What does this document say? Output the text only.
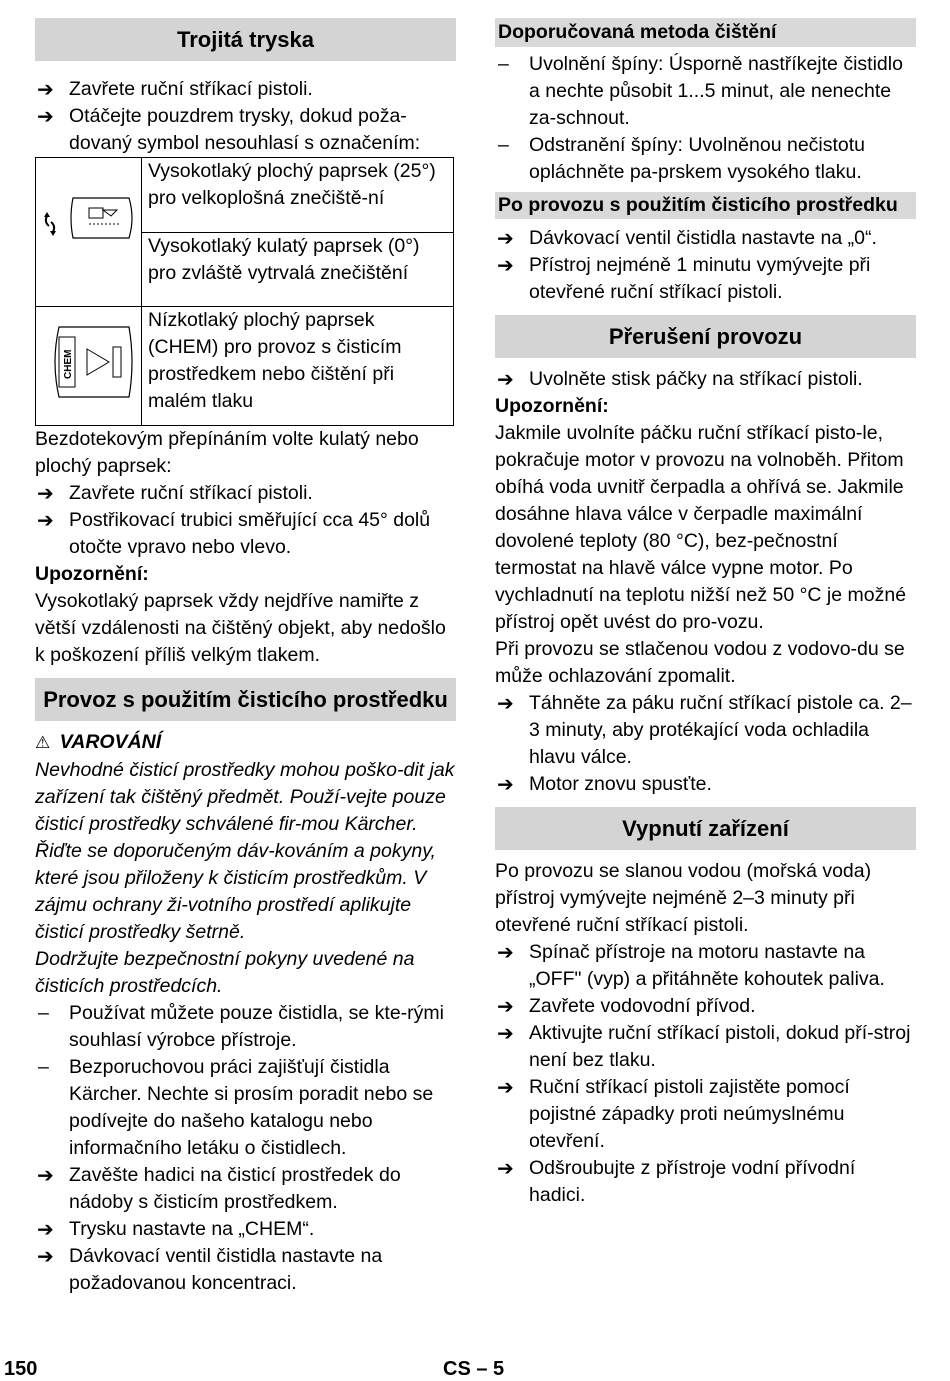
Trojitá tryska
➔ Zavřete ruční stříkací pistoli.
➔ Otáčejte pouzdrem trysky, dokud poža-dovaný symbol nesouhlasí s označením:
	Vysokotlaký plochý paprsek (25°) pro velkoplošná znečiště-ní
	Vysokotlaký kulatý paprsek (0°) pro zvláště vytrvalá znečištění

CHEM	Nízkotlaký plochý paprsek (CHEM) pro provoz s čisticím prostředkem nebo čištění při malém tlaku
Bezdotekovým přepínáním volte kulatý nebo plochý paprsek:
➔ Zavřete ruční stříkací pistoli.
➔ Postřikovací trubici směřující cca 45° dolů otočte vpravo nebo vlevo.
Upozornění:
Vysokotlaký paprsek vždy nejdříve namiřte z větší vzdálenosti na čištěný objekt, aby nedošlo k poškození příliš velkým tlakem.
Provoz s použitím čisticího prostředku
⚠ VAROVÁNÍ
Nevhodné čisticí prostředky mohou poško-dit jak zařízení tak čištěný předmět. Použí-vejte pouze čisticí prostředky schválené fir-mou Kärcher. Řiďte se doporučeným dáv-kováním a pokyny, které jsou přiloženy k čisticím prostředkům. V zájmu ochrany ži-votního prostředí aplikujte čisticí prostředky šetrně.
Dodržujte bezpečnostní pokyny uvedené na čisticích prostředcích.
– Používat můžete pouze čistidla, se kte-rými souhlasí výrobce přístroje.
– Bezporuchovou práci zajišťují čistidla Kärcher. Nechte si prosím poradit nebo se podívejte do našeho katalogu nebo informačního letáku o čistidlech.
➔ Zavěšte hadici na čisticí prostředek do nádoby s čisticím prostředkem.
➔ Trysku nastavte na „CHEM“.
➔ Dávkovací ventil čistidla nastavte na požadovanou koncentraci.
Doporučovaná metoda čištění
– Uvolnění špíny: Úsporně nastříkejte čistidlo a nechte působit 1...5 minut, ale nenechte za-schnout.
– Odstranění špíny: Uvolněnou nečistotu opláchněte pa-prskem vysokého tlaku.
Po provozu s použitím čisticího prostředku
➔ Dávkovací ventil čistidla nastavte na „0“.
➔ Přístroj nejméně 1 minutu vymývejte při otevřené ruční stříkací pistoli.
Přerušení provozu
➔ Uvolněte stisk páčky na stříkací pistoli.
Upozornění:
Jakmile uvolníte páčku ruční stříkací pisto-le, pokračuje motor v provozu na volnoběh. Přitom obíhá voda uvnitř čerpadla a ohřívá se. Jakmile dosáhne hlava válce v čerpadle maximální dovolené teploty (80 °C), bez-pečnostní termostat na hlavě válce vypne motor. Po vychladnutí na teplotu nižší než 50 °C je možné přístroj opět uvést do pro-vozu.
Při provozu se stlačenou vodou z vodovo-du se může ochlazování zpomalit.
➔ Táhněte za páku ruční stříkací pistole ca. 2–3 minuty, aby protékající voda ochladila hlavu válce.
➔ Motor znovu spusťte.
Vypnutí zařízení
Po provozu se slanou vodou (mořská voda) přístroj vymývejte nejméně 2–3 minuty při otevřené ruční stříkací pistoli.
➔ Spínač přístroje na motoru nastavte na „OFF" (vyp) a přitáhněte kohoutek paliva.
➔ Zavřete vodovodní přívod.
➔ Aktivujte ruční stříkací pistoli, dokud pří-stroj není bez tlaku.
➔ Ruční stříkací pistoli zajistěte pomocí pojistné západky proti neúmyslnému otevření.
➔ Odšroubujte z přístroje vodní přívodní hadici.
150	CS – 5
